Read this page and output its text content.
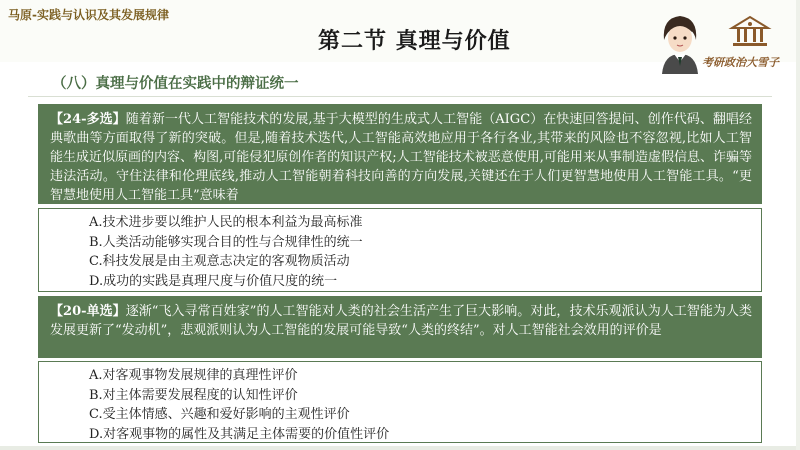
马原-实践与认识及其发展规律
第二节 真理与价值
（八）真理与价值在实践中的辩证统一
考研政治大雪子
【24-多选】随着新一代人工智能技术的发展,基于大模型的生成式人工智能（AIGC）在快速回答提问、创作代码、翻唱经典歌曲等方面取得了新的突破。但是,随着技术迭代,人工智能高效地应用于各行各业,其带来的风险也不容忽视,比如人工智能生成近似原画的内容、构图,可能侵犯原创作者的知识产权;人工智能技术被恶意使用,可能用来从事制造虚假信息、诈骗等违法活动。守住法律和伦理底线,推动人工智能朝着科技向善的方向发展,关键还在于人们更智慧地使用人工智能工具。“更智慧地使用人工智能工具”意味着
A.技术进步要以维护人民的根本利益为最高标准
B.人类活动能够实现合目的性与合规律性的统一
C.科技发展是由主观意志决定的客观物质活动
D.成功的实践是真理尺度与价值尺度的统一
【20-单选】逐渐“飞入寻常百姓家”的人工智能对人类的社会生活产生了巨大影响。对此，技术乐观派认为人工智能为人类发展更新了“发动机”，悲观派则认为人工智能的发展可能导致“人类的终结”。对人工智能社会效用的评价是
A.对客观事物发展规律的真理性评价
B.对主体需要发展程度的认知性评价
C.受主体情感、兴趣和爱好影响的主观性评价
D.对客观事物的属性及其满足主体需要的价值性评价
